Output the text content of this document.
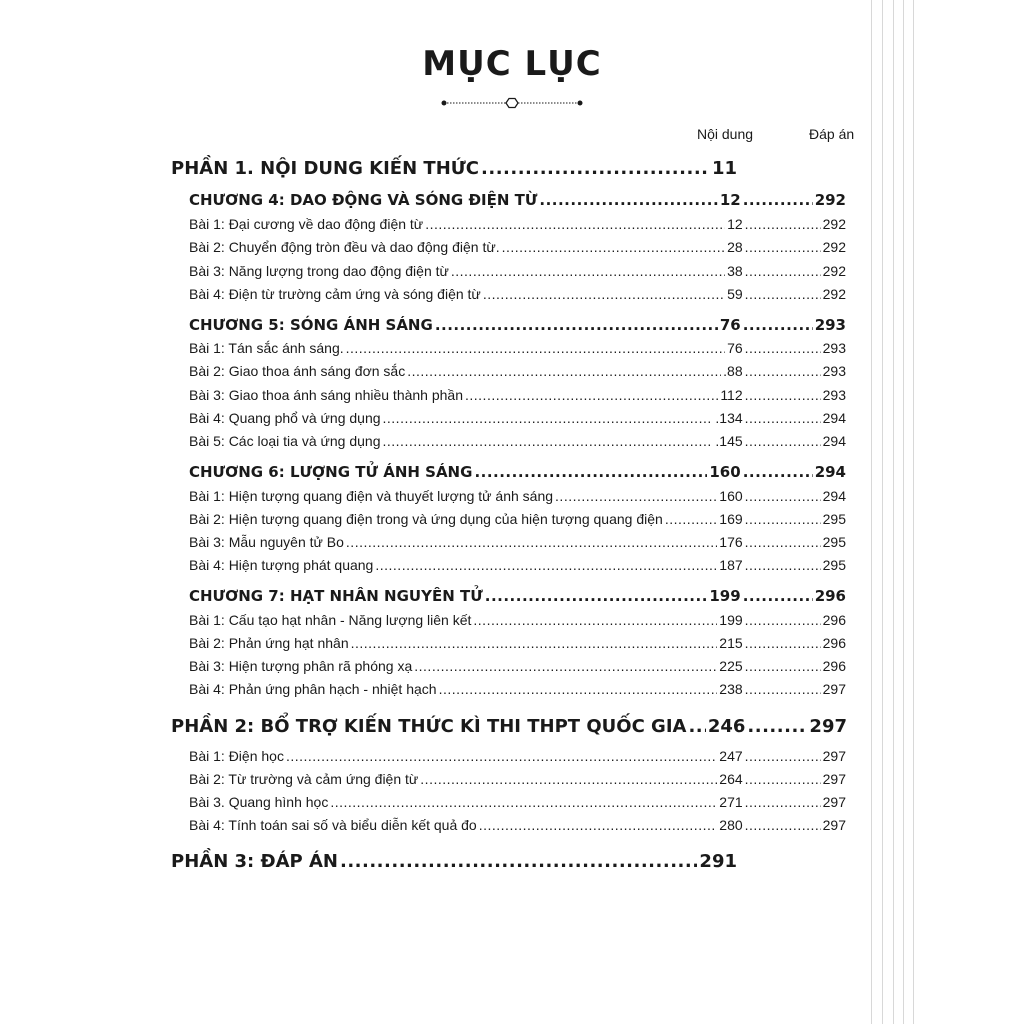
MỤC LỤC
Nội dung	Đáp án
PHẦN 1. NỘI DUNG KIẾN THỨC .....	11
CHƯƠNG 4: DAO ĐỘNG VÀ SÓNG ĐIỆN TỪ .....	12 .....	292
Bài 1: Đại cương về dao động điện từ .....	12 .....	292
Bài 2: Chuyển động tròn đều và dao động điện từ. .....	28 .....	292
Bài 3: Năng lượng trong dao động điện từ .....	38 .....	292
Bài 4: Điện từ trường cảm ứng và sóng điện từ .....	59 .....	292
CHƯƠNG 5: SÓNG ÁNH SÁNG .....	76 .....	293
Bài 1: Tán sắc ánh sáng. .....	76 .....	293
Bài 2: Giao thoa ánh sáng đơn sắc .....	.88 .....	293
Bài 3: Giao thoa ánh sáng nhiều thành phần .....	112 .....	293
Bài 4: Quang phổ và ứng dụng .....	.134 .....	294
Bài 5: Các loại tia và ứng dụng .....	.145 .....	294
CHƯƠNG 6: LƯỢNG TỬ ÁNH SÁNG .....	160 .....	294
Bài 1: Hiện tượng quang điện và thuyết lượng tử ánh sáng .....	160 .....	294
Bài 2: Hiện tượng quang điện trong và ứng dụng của hiện tượng quang điện .....	169 .....	295
Bài 3: Mẫu nguyên tử Bo .....	176 .....	295
Bài 4: Hiện tượng phát quang .....	187 .....	295
CHƯƠNG 7: HẠT NHÂN NGUYÊN TỬ .....	199 .....	296
Bài 1: Cấu tạo hạt nhân - Năng lượng liên kết .....	199 .....	296
Bài 2: Phản ứng hạt nhân .....	215 .....	296
Bài 3: Hiện tượng phân rã phóng xạ .....	225 .....	296
Bài 4: Phản ứng phân hạch - nhiệt hạch .....	238 .....	297
PHẦN 2: BỔ TRỢ KIẾN THỨC KÌ THI THPT QUỐC GIA ..... 246 .....	297
Bài 1: Điện học .....	247 .....	297
Bài 2: Từ trường và cảm ứng điện từ .....	264 .....	297
Bài 3. Quang hình học .....	271 .....	297
Bài 4: Tính toán sai số và biểu diễn kết quả đo .....	280 .....	297
PHẦN 3: ĐÁP ÁN .....	291
